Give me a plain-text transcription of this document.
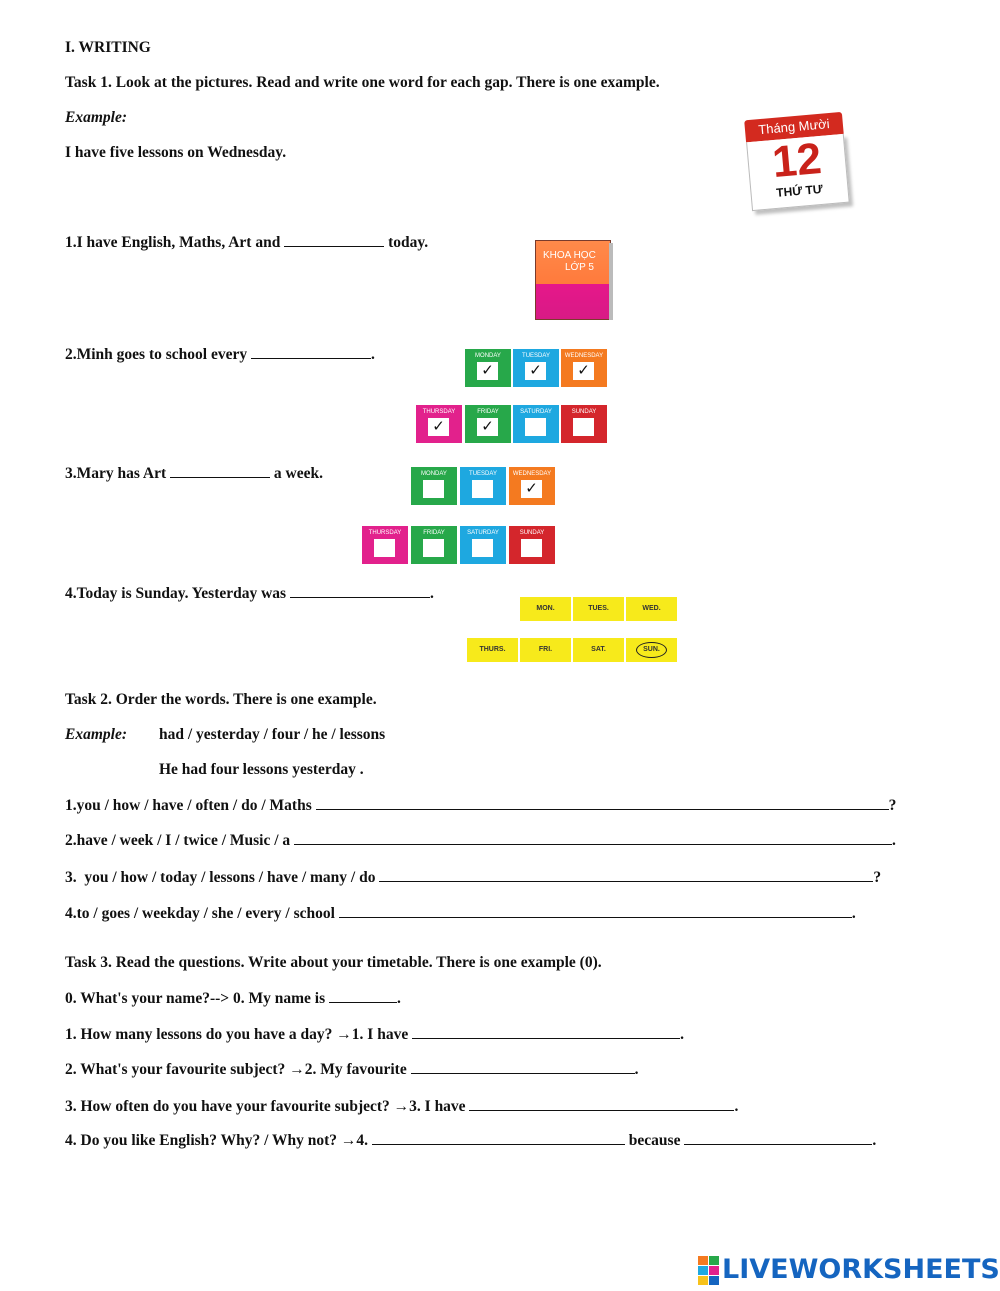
I. WRITING
Task 1. Look at the pictures. Read and write one word for each gap. There is one example.
Example:
I have five lessons on Wednesday.
Tháng Mười
12
THỨ TƯ
1.I have English, Maths, Art and	today.
KHOA HỌC
LỚP 5
2.Minh goes to school every	.	MONDAY
✓
TUESDAY
✓
WEDNESDAY
✓
THURSDAY
✓
FRIDAY
✓
SATURDAY	SUNDAY
3.Mary has Art	a week.	MONDAY	TUESDAY	WEDNESDAY
✓
THURSDAY	FRIDAY	SATURDAY	SUNDAY
4.Today is Sunday. Yesterday was	.
MON.	TUES.	WED.
THURS.	FRI.	SAT.	SUN.
Task 2. Order the words. There is one example.
Example: had / yesterday / four / he / lessons
He had four lessons yesterday .
1.you / how / have / often / do / Maths	?
2.have / week / I / twice / Music / a	.
3. you / how / today / lessons / have / many / do	?
4.to / goes / weekday / she / every / school	.
Task 3. Read the questions. Write about your timetable. There is one example (0).
0. What's your name?--> 0. My name is	.
1. How many lessons do you have a day? →1. I have	.
2. What's your favourite subject? →2. My favourite	.
3. How often do you have your favourite subject? →3. I have	.
4. Do you like English? Why? / Why not? →4.	because	.
LIVEWORKSHEETS
